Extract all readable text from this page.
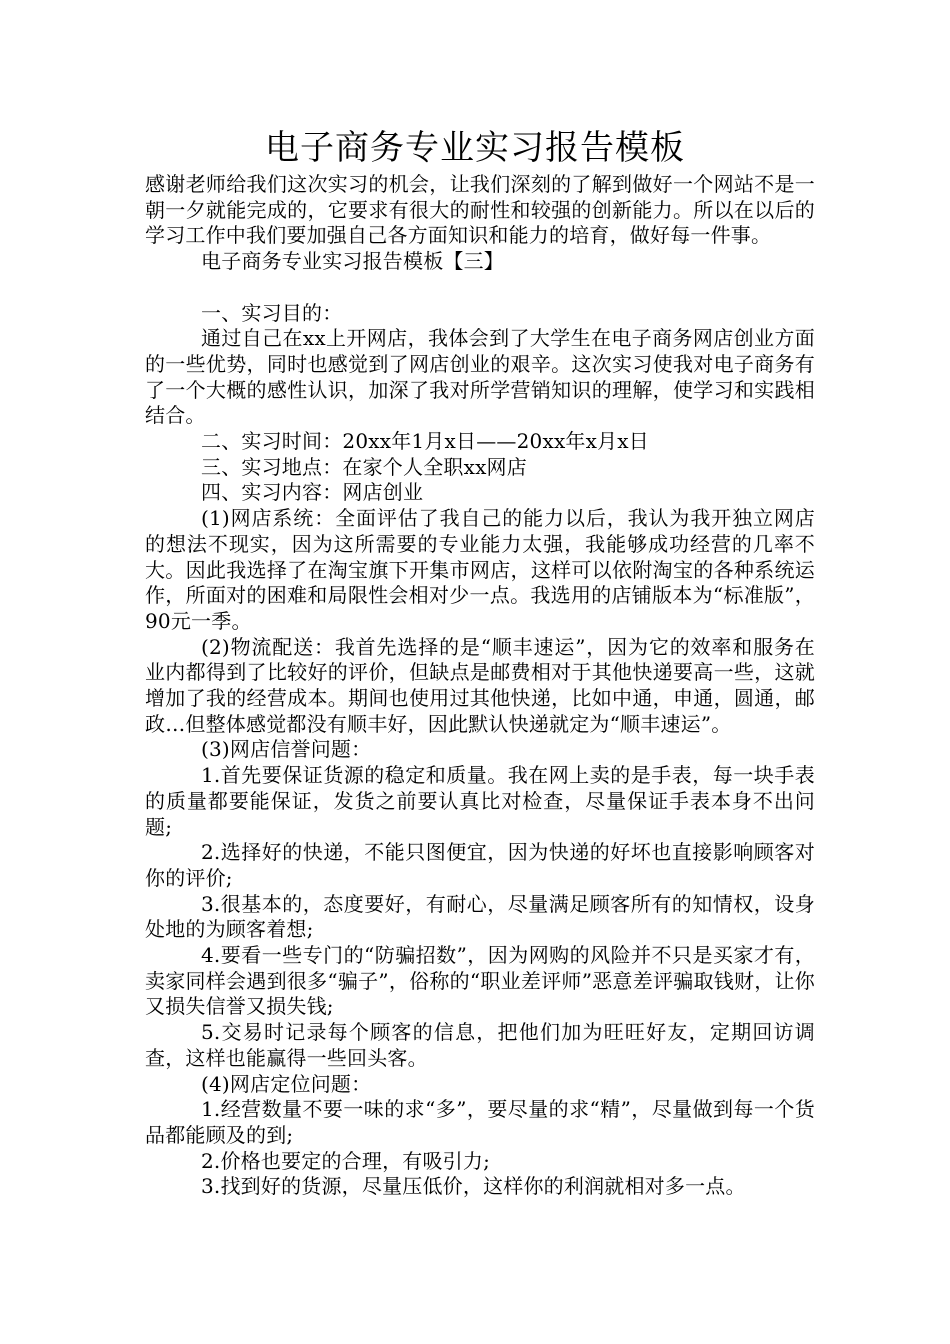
电子商务专业实习报告模板

感谢老师给我们这次实习的机会，让我们深刻的了解到做好一个网站不是一朝一夕就能完成的，它要求有很大的耐性和较强的创新能力。所以在以后的学习工作中我们要加强自己各方面知识和能力的培育，做好每一件事。

电子商务专业实习报告模板【三】

一、实习目的：

通过自己在xx上开网店，我体会到了大学生在电子商务网店创业方面的一些优势，同时也感觉到了网店创业的艰辛。这次实习使我对电子商务有了一个大概的感性认识，加深了我对所学营销知识的理解，使学习和实践相结合。

二、实习时间：20xx年1月x日——20xx年x月x日

三、实习地点：在家个人全职xx网店

四、实习内容：网店创业

(1)网店系统：全面评估了我自己的能力以后，我认为我开独立网店的想法不现实，因为这所需要的专业能力太强，我能够成功经营的几率不大。因此我选择了在淘宝旗下开集市网店，这样可以依附淘宝的各种系统运作，所面对的困难和局限性会相对少一点。我选用的店铺版本为“标准版”，90元一季。

(2)物流配送：我首先选择的是“顺丰速运”，因为它的效率和服务在业内都得到了比较好的评价，但缺点是邮费相对于其他快递要高一些，这就增加了我的经营成本。期间也使用过其他快递，比如中通，申通，圆通，邮政…但整体感觉都没有顺丰好，因此默认快递就定为“顺丰速运”。

(3)网店信誉问题：

1.首先要保证货源的稳定和质量。我在网上卖的是手表，每一块手表的质量都要能保证，发货之前要认真比对检查，尽量保证手表本身不出问题;

2.选择好的快递，不能只图便宜，因为快递的好坏也直接影响顾客对你的评价;

3.很基本的，态度要好，有耐心，尽量满足顾客所有的知情权，设身处地的为顾客着想;

4.要看一些专门的“防骗招数”，因为网购的风险并不只是买家才有，卖家同样会遇到很多“骗子”，俗称的“职业差评师”恶意差评骗取钱财，让你又损失信誉又损失钱;

5.交易时记录每个顾客的信息，把他们加为旺旺好友，定期回访调查，这样也能赢得一些回头客。

(4)网店定位问题：

1.经营数量不要一味的求“多”，要尽量的求“精”，尽量做到每一个货品都能顾及的到;

2.价格也要定的合理，有吸引力;

3.找到好的货源，尽量压低价，这样你的利润就相对多一点。
